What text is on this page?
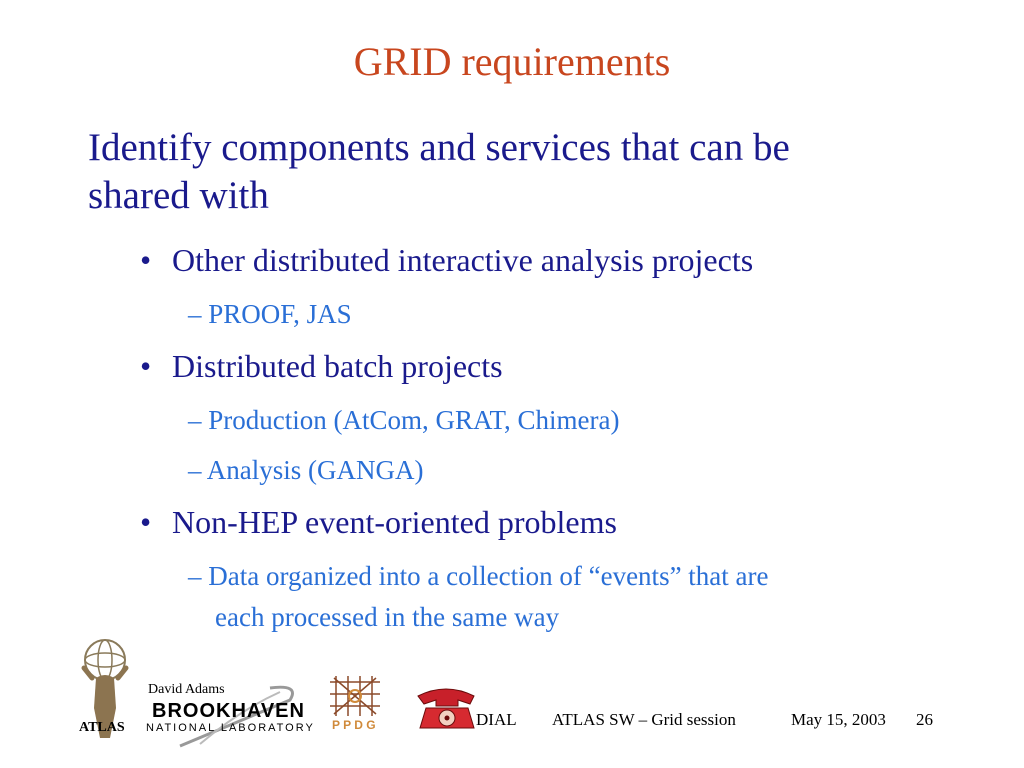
GRID requirements
Identify components and services that can be
shared with
• Other distributed interactive analysis projects
– PROOF, JAS
• Distributed batch projects
– Production (AtCom, GRAT, Chimera)
– Analysis (GANGA)
• Non-HEP event-oriented problems
– Data organized into a collection of “events” that are
each processed in the same way
ATLAS
David Adams
BROOKHAVEN
NATIONAL LABORATORY P P D G	DIAL ATLAS SW – Grid session	May 15, 2003 26
